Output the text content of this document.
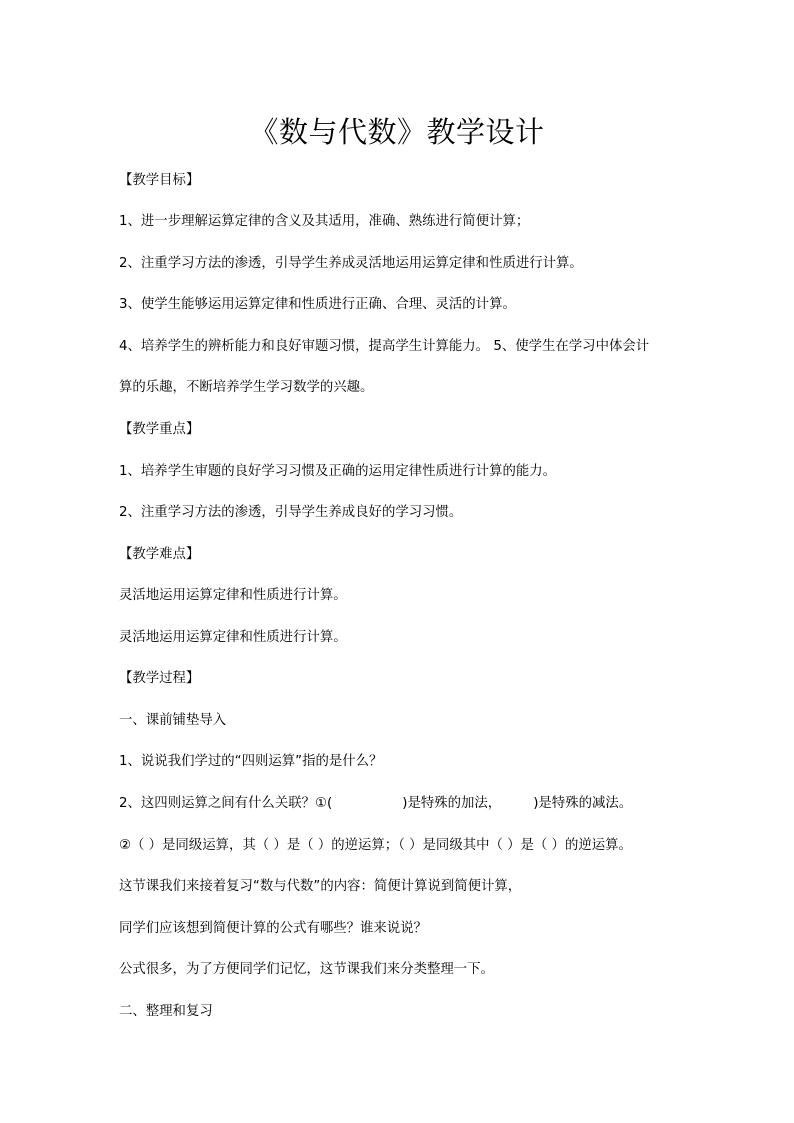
《数与代数》教学设计
【教学目标】
1、进一步理解运算定律的含义及其适用，准确、熟练进行简便计算；
2、注重学习方法的渗透，引导学生养成灵活地运用运算定律和性质进行计算。
3、使学生能够运用运算定律和性质进行正确、合理、灵活的计算。
4、培养学生的辨析能力和良好审题习惯，提高学生计算能力。 5、使学生在学习中体会计
算的乐趣，不断培养学生学习数学的兴趣。
【教学重点】
1、培养学生审题的良好学习习惯及正确的运用定律性质进行计算的能力。
2、注重学习方法的渗透，引导学生养成良好的学习习惯。
【教学难点】
灵活地运用运算定律和性质进行计算。
灵活地运用运算定律和性质进行计算。
【教学过程】
一、课前铺垫导入
1、说说我们学过的“四则运算”指的是什么？
2、这四则运算之间有什么关联？①(	)是特殊的加法， )是特殊的减法。
②（ ）是同级运算，其（ ）是（ ）的逆运算；（ ）是同级其中（ ）是（ ）的逆运算。
这节课我们来接着复习“数与代数”的内容：简便计算说到简便计算，
同学们应该想到简便计算的公式有哪些？谁来说说？
公式很多，为了方便同学们记忆，这节课我们来分类整理一下。
二、整理和复习
